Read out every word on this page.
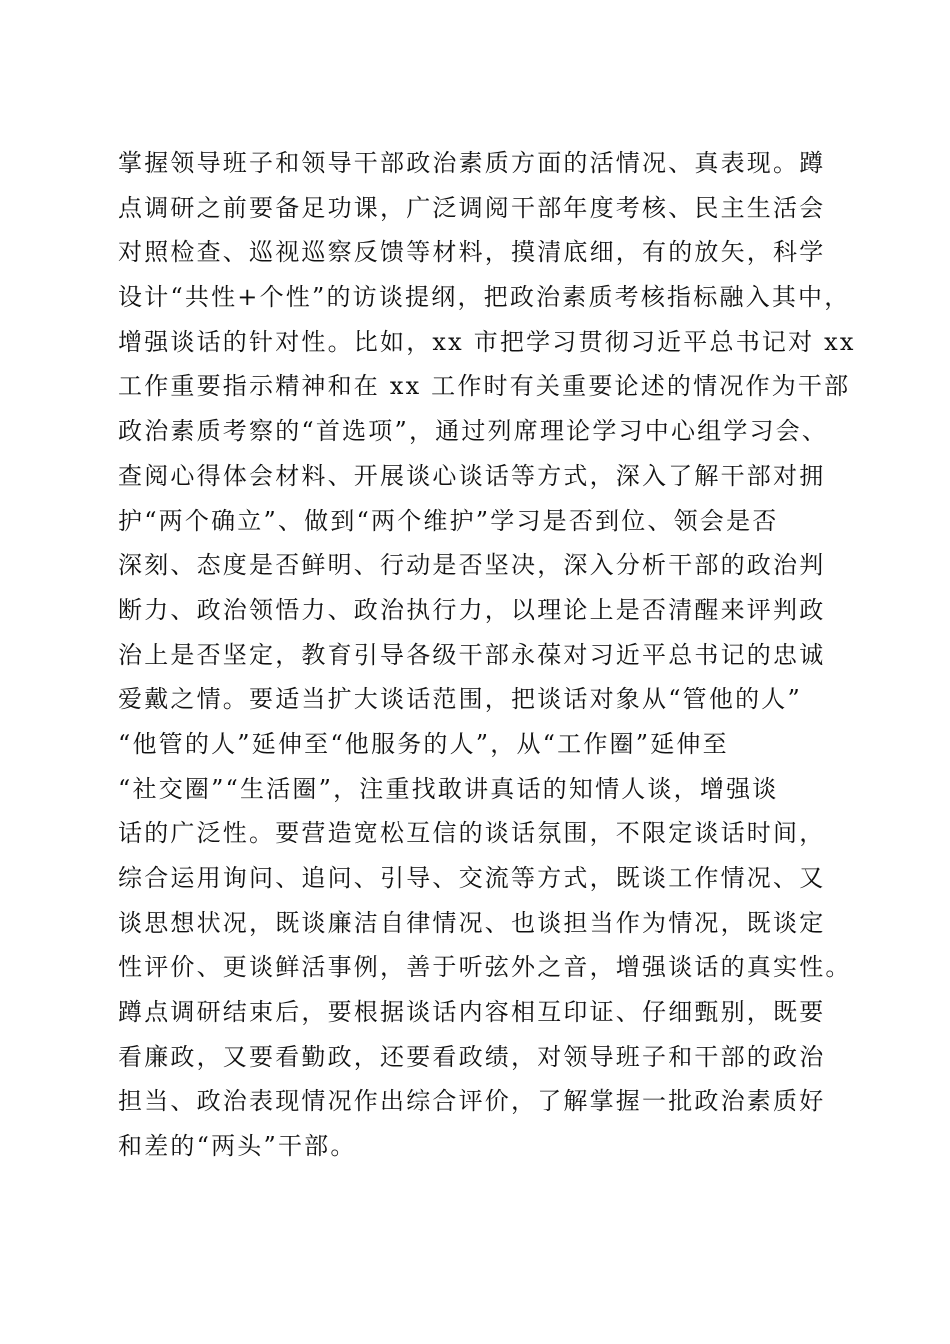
掌握领导班子和领导干部政治素质方面的活情况、真表现。蹲
点调研之前要备足功课，广泛调阅干部年度考核、民主生活会
对照检查、巡视巡察反馈等材料，摸清底细，有的放矢，科学
设计“共性+个性”的访谈提纲，把政治素质考核指标融入其中，
增强谈话的针对性。比如，xx 市把学习贯彻习近平总书记对 xx
工作重要指示精神和在 xx 工作时有关重要论述的情况作为干部
政治素质考察的“首选项”，通过列席理论学习中心组学习会、
查阅心得体会材料、开展谈心谈话等方式，深入了解干部对拥
护“两个确立”、做到“两个维护”学习是否到位、领会是否
深刻、态度是否鲜明、行动是否坚决，深入分析干部的政治判
断力、政治领悟力、政治执行力，以理论上是否清醒来评判政
治上是否坚定，教育引导各级干部永葆对习近平总书记的忠诚
爱戴之情。要适当扩大谈话范围，把谈话对象从“管他的人”
“他管的人”延伸至“他服务的人”，从“工作圈”延伸至
“社交圈”“生活圈”，注重找敢讲真话的知情人谈，增强谈
话的广泛性。要营造宽松互信的谈话氛围，不限定谈话时间，
综合运用询问、追问、引导、交流等方式，既谈工作情况、又
谈思想状况，既谈廉洁自律情况、也谈担当作为情况，既谈定
性评价、更谈鲜活事例，善于听弦外之音，增强谈话的真实性。
蹲点调研结束后，要根据谈话内容相互印证、仔细甄别，既要
看廉政，又要看勤政，还要看政绩，对领导班子和干部的政治
担当、政治表现情况作出综合评价，了解掌握一批政治素质好
和差的“两头”干部。
